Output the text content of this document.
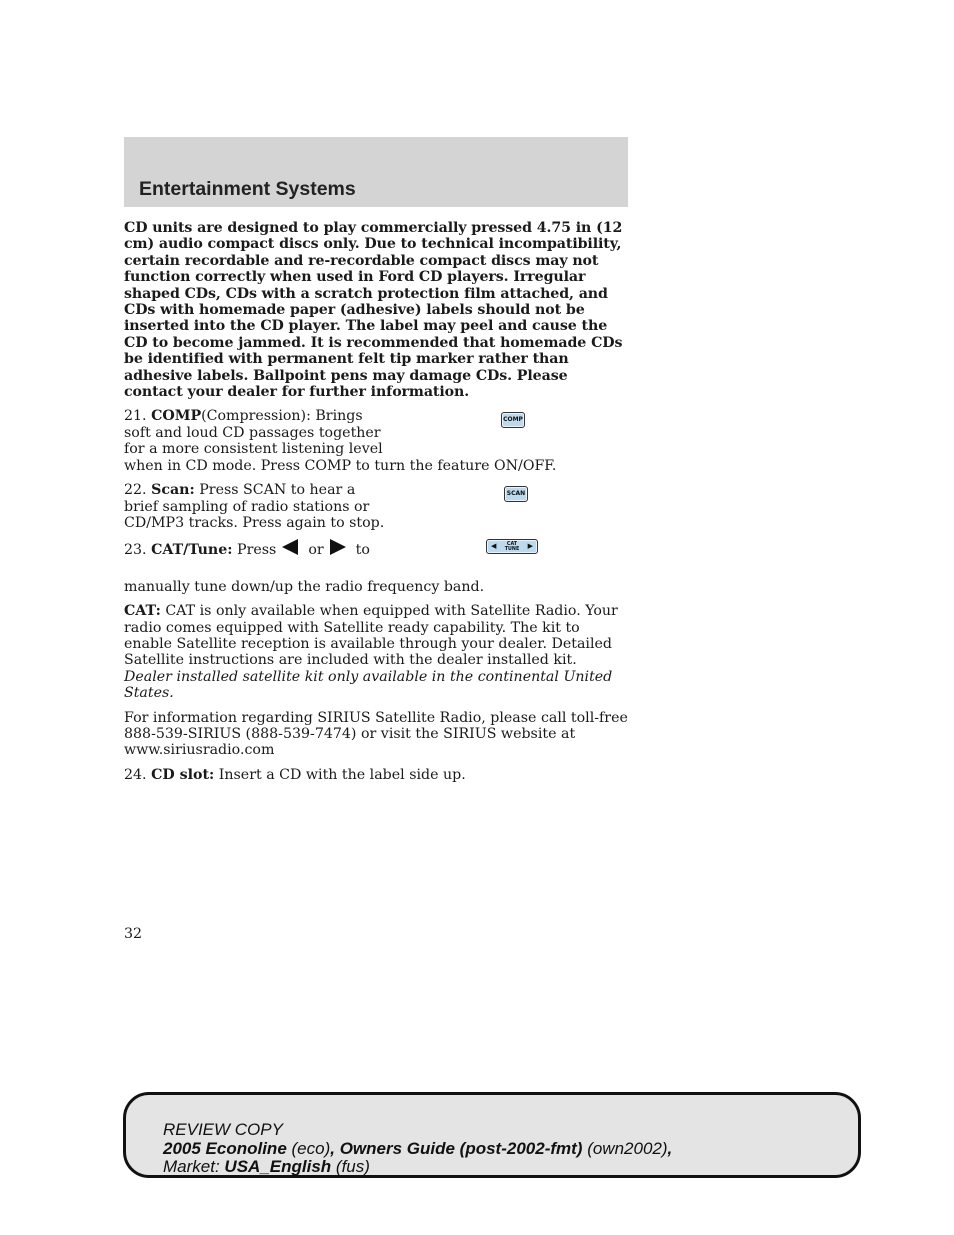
Entertainment Systems

CD units are designed to play commercially pressed 4.75 in (12 cm) audio compact discs only. Due to technical incompatibility, certain recordable and re-recordable compact discs may not function correctly when used in Ford CD players. Irregular shaped CDs, CDs with a scratch protection film attached, and CDs with homemade paper (adhesive) labels should not be inserted into the CD player. The label may peel and cause the CD to become jammed. It is recommended that homemade CDs be identified with permanent felt tip marker rather than adhesive labels. Ballpoint pens may damage CDs. Please contact your dealer for further information.

21. COMP(Compression): Brings
soft and loud CD passages together
for a more consistent listening level
when in CD mode. Press COMP to turn the feature ON/OFF.
COMP
22. Scan: Press SCAN to hear a
brief sampling of radio stations or
CD/MP3 tracks. Press again to stop.
SCAN
23. CAT/Tune: Press or to	◀	CAT
TUNE ▶

manually tune down/up the radio frequency band.

CAT: CAT is only available when equipped with Satellite Radio. Your radio comes equipped with Satellite ready capability. The kit to enable Satellite reception is available through your dealer. Detailed Satellite instructions are included with the dealer installed kit.
Dealer installed satellite kit only available in the continental United States.

For information regarding SIRIUS Satellite Radio, please call toll-free 888-539-SIRIUS (888-539-7474) or visit the SIRIUS website at www.siriusradio.com

24. CD slot: Insert a CD with the label side up.

32
REVIEW COPY
2005 Econoline (eco), Owners Guide (post-2002-fmt) (own2002),
Market: USA_English (fus)
